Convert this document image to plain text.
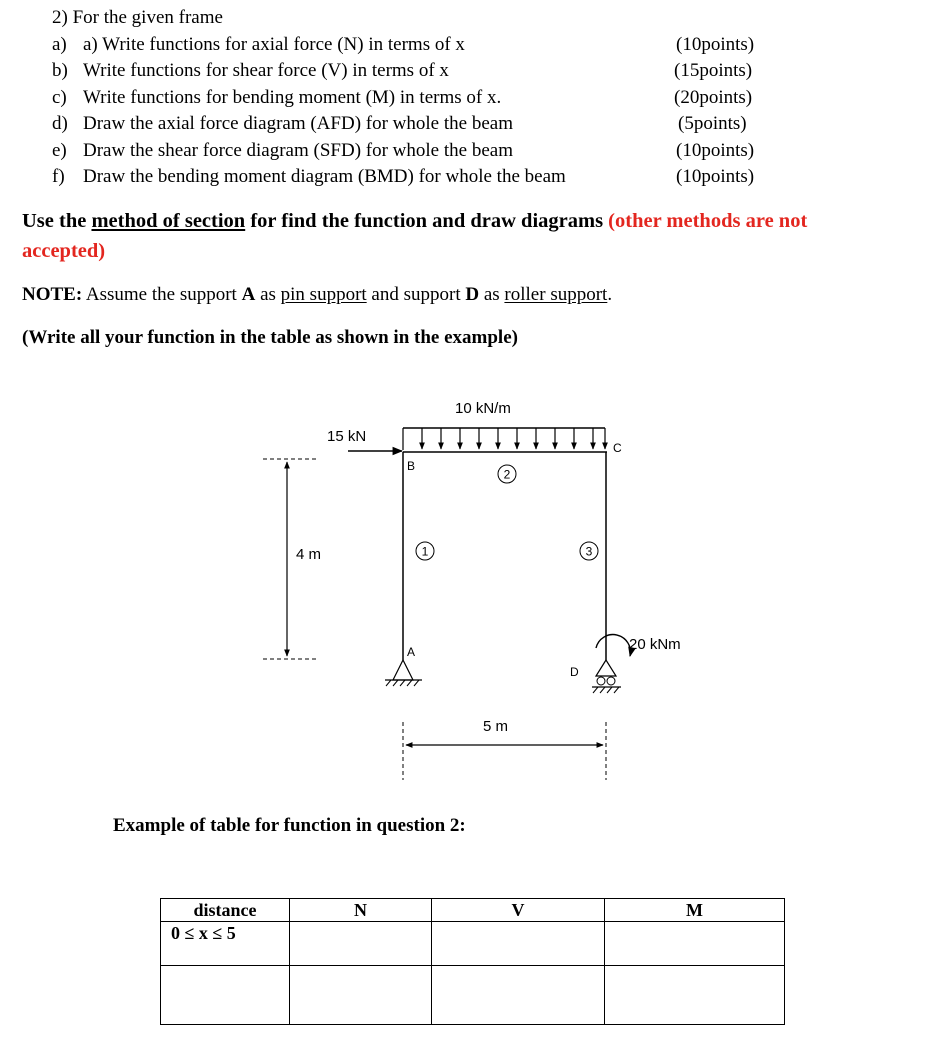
2) For the given frame
a) a) Write functions for axial force (N) in terms of x	(10points)
b) Write functions for shear force (V) in terms of x	(15points)
c) Write functions for bending moment (M) in terms of x.	(20points)
d) Draw the axial force diagram (AFD) for whole the beam	(5points)
e) Draw the shear force diagram (SFD) for whole the beam	(10points)
f) Draw the bending moment diagram (BMD) for whole the beam	(10points)
Use the method of section for find the function and draw diagrams (other methods are not
accepted)
NOTE: Assume the support A as pin support and support D as roller support.
(Write all your function in the table as shown in the example)
10 kN/m
15 kN
B
C
A
D
1
2
3
4 m
20 kNm
5 m
Example of table for function in question 2:
distance	N	V	M
0 ≤ x ≤ 5			
